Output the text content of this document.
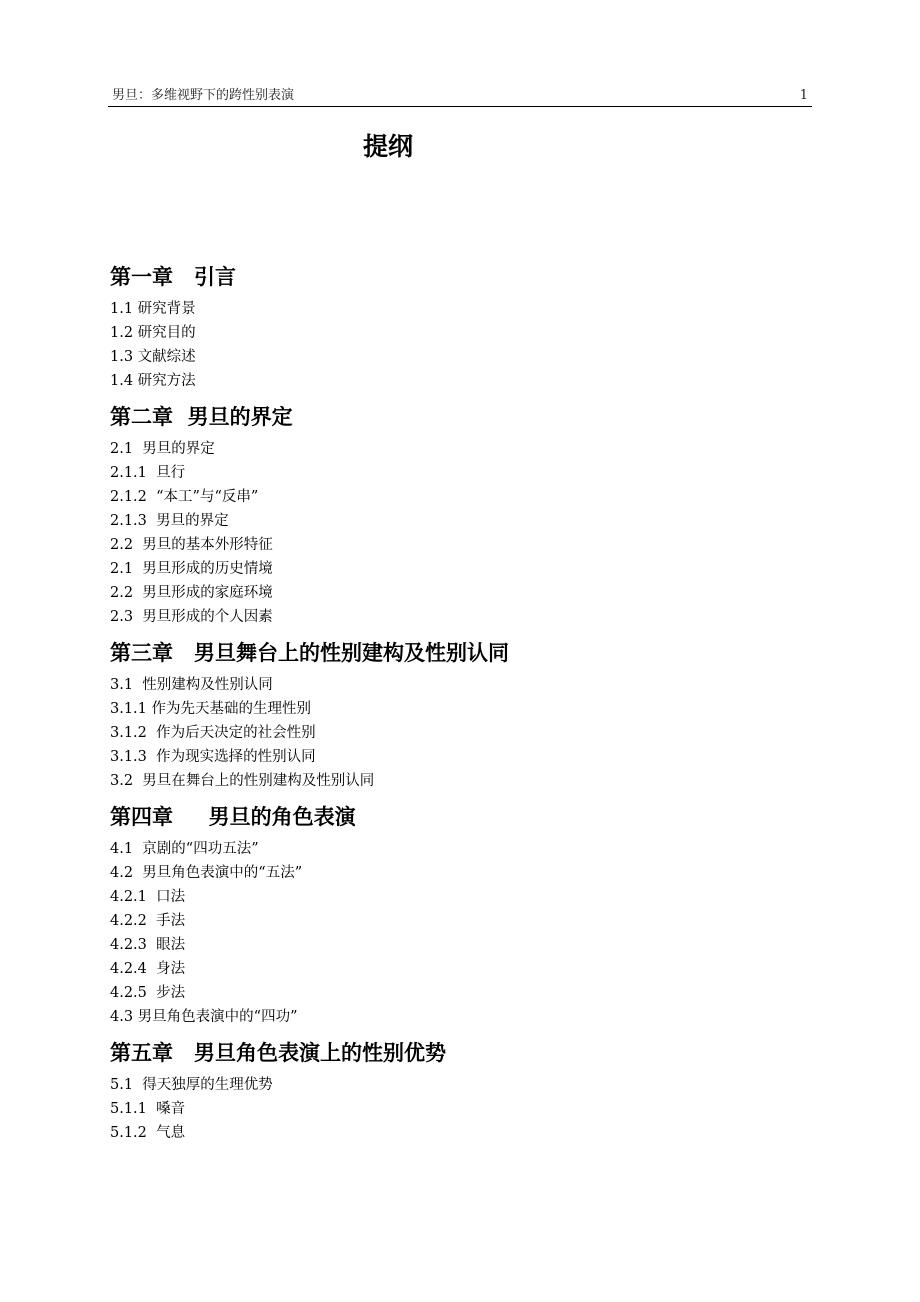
男旦：多维视野下的跨性别表演	1
提纲
第一章　引言
1.1 研究背景
1.2 研究目的
1.3 文献综述
1.4 研究方法
第二章  男旦的界定
2.1  男旦的界定
2.1.1  旦行
2.1.2  “本工”与“反串”
2.1.3  男旦的界定
2.2  男旦的基本外形特征
2.1  男旦形成的历史情境
2.2  男旦形成的家庭环境
2.3  男旦形成的个人因素
第三章　男旦舞台上的性别建构及性别认同
3.1  性别建构及性别认同
3.1.1 作为先天基础的生理性别
3.1.2  作为后天决定的社会性别
3.1.3  作为现实选择的性别认同
3.2  男旦在舞台上的性别建构及性别认同
第四章　  男旦的角色表演
4.1  京剧的“四功五法”
4.2  男旦角色表演中的“五法”
4.2.1  口法
4.2.2  手法
4.2.3  眼法
4.2.4  身法
4.2.5  步法
4.3 男旦角色表演中的“四功”
第五章　男旦角色表演上的性别优势
5.1  得天独厚的生理优势
5.1.1  嗓音
5.1.2  气息
